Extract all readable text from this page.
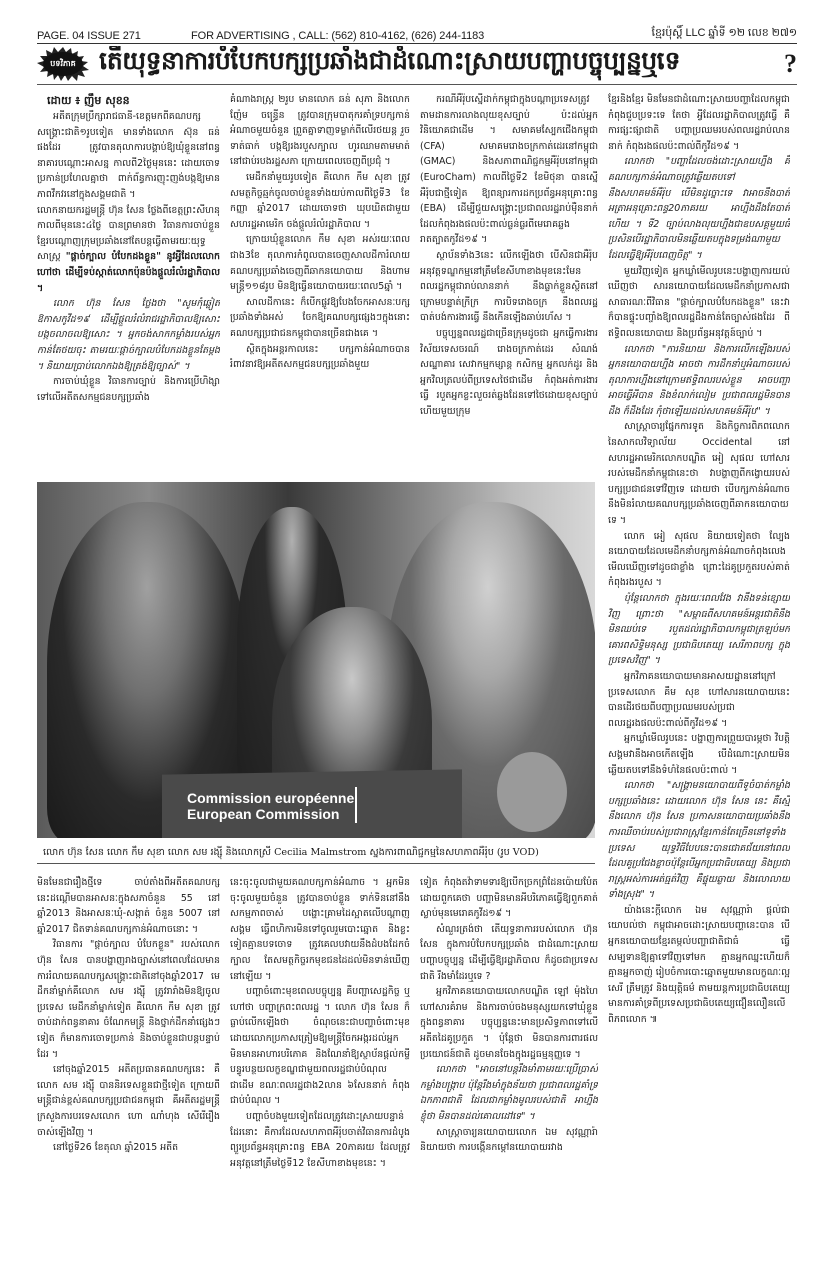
PAGE. 04 ISSUE 271	FOR ADVERTISING , CALL: (562) 810-4162, (626) 244-1183	ខ្មែរប៉ុស្តិ៍ LLC ឆ្នាំទី ១២ លេខ ២៧១
បទវិភាគ តើយុទ្ធនាការបំបែកបក្សប្រឆាំងជាដំណោះស្រាយបញ្ហាបច្ចុប្បន្នឬទេ	?
ដោយ ៖ ញឹម សុខន

អតីតក្រុមប្រឹក្សារាជធានី-ខេត្តមកពីគណបក្សសង្គ្រោះជាតិ១រូបទៀត មានទាំងលោក ស៊ុន ធន់ ផងដែរ ត្រូវបានតុលាការបង្គាប់ឱ្យឃុំខ្លួននៅពន្ធនាគារបណ្តោះអាសន្ន កាលពី2ថ្ងៃមុននេះ ដោយចោទប្រកាន់ប្រហែលគ្នាថា ពាក់ព័ន្ធការញុះញង់បង្កឱ្យមានភាពវឹកវរនៅក្នុងសង្គមជាតិ ។

លោកនាយករដ្ឋមន្ត្រី ហ៊ុន សែន ថ្លែងពីខេត្តព្រះសីហនុ កាលពីមុននេះ៤ថ្ងៃ បានព្រមានថា វិធានការចាប់ខ្លួនខ្មែរបណ្តោញក្រុមប្រឆាំងនៅតែបន្តធ្វើតាមរយៈយុទ្ធសាស្ត្រ "ផ្តាច់ក្បាល បំបែកដងខ្លួន" នូវអ្វីដែលលោកហៅថា ដើម្បីទប់ស្កាត់លោកប៉ុនប៉ងផ្តួលរំលំរដ្ឋាភិបាល ។

លោក ហ៊ុន សែន ថ្លែងថា "សូមកុំឆ្លៀតឱកាសកូវីដ១៩ ដើម្បីផ្តួលរំលំរាជរដ្ឋាភិបាលឱ្យសោះ បង្កចលាចលឱ្យសោះ ។ អ្នកចង់សាកកម្លាំងរបស់អ្នកកាន់តែថយចុះ តាមរយៈផ្តាច់ក្បាលបំបែកដងខ្លួនតែម្តង ។ និយាយប្រាប់លោកឯងឱ្យត្រង់ឱ្យច្បាស់" ។

ការចាប់ឃុំខ្លួន វិធានការច្បាប់ និងការប្រើហិង្សាទៅលើអតីតសកម្មជនបក្សប្រឆាំង

គំណាងរាស្ត្រ ២រូប មានលោក ឆន់ សុភា និងលោក ញ៉ែម ចន្រ្ទើន ត្រូវបានក្រុមបាតុករគាំទ្របក្សកាន់អំណាចមួយចំនួន ព្រួតគ្នាទាញទម្លាក់ពីលើរថយន្ត រួចទាត់ធាក់ បង្កឱ្យរងរបួសក្បាល ហូរឈាមតាមមាត់ នៅជាប់របងរដ្ឋសភា ក្រោយពេលចេញពីប្រជុំ ។

មេដឹកនាំមួយរូបទៀត គឺលោក កឹម សុខា ត្រូវសមត្ថកិច្ចឆ្មក់ចូលចាប់ខ្លួនទាំងយប់កាលពីថ្ងៃទី3 ខែកញ្ញា ឆ្នាំ2017 ដោយចោទថា ឃុបឃិតជាមួយសហរដ្ឋអាមេរិក ចង់ផ្តួលរំលំរដ្ឋាភិបាល ។

ក្រោយឃុំខ្លួនលោក កឹម សុខា អស់រយៈពេលជាង3ខែ តុលាការកំពូលបានចេញសាលដីការំលាយគណបក្សប្រឆាំងចេញពីឆាកនយោបាយ និងហាមមន្ត្រី១១៨រូប មិនឱ្យធ្វើនយោបាយរយៈពេល5ឆ្នាំ ។

សាលដីកានេះ ក៏បើកផ្លូវឱ្យបែងចែកអាសនៈបក្សប្រឆាំងទាំងអស់ ចែកឱ្យគណបក្សផ្សេងៗក្នុងនោះ គណបក្សប្រជាជនកម្ពុជាបានច្រើនជាងគេ ។

ស្ថិតក្នុងអន្តរកាលនេះ បក្សកាន់អំណាចបានរំពាវនាវឱ្យអតីតសកម្មជនបក្សប្រឆាំងមួយ

ករណីអឺរ៉ុបស្នើដាក់កម្ពុជាក្នុងបណ្តាប្រទេសត្រូវតាមដានការលាងលុយខុសច្បាប់ ប៉ះដល់អ្នកវិនិយោគជាដើម ។ សមាគមស្បែកជើងកម្ពុជា (CFA) សមាគមរោងចក្រកាត់ដេរនៅកម្ពុជា (GMAC) និងសភាពាណិជ្ជកម្មអឺរ៉ុបនៅកម្ពុជា (EuroCham) កាលពីថ្ងៃទី2 ខែមិថុនា បានស្នើអឺរ៉ុបជាថ្មីទៀត ឱ្យពន្យារការដកប្រព័ន្ធអនុគ្រោះពន្ធ (EBA) ដើម្បីជួយសង្គ្រោះប្រជាពលរដ្ឋរាប់ម៉ឺននាក់ ដែលកំពុងរងផលប៉ះពាល់ធ្ងន់ធ្ងរពីមេរោគឆ្លងរាតត្បាតកូវីដ១៩ ។

ស្ថាប័នទាំង3នេះ លើកឡើងថា បើសិនជាអឺរ៉ុបអនុវត្តទណ្ឌកម្មនៅត្រឹមខែសីហាខាងមុខនេះមែន ពលរដ្ឋកម្ពុជារាប់លាននាក់ នឹងធ្លាក់ខ្លួនស្ថិតនៅក្រោមបន្ទាត់ក្រីក្រ ការបិទរោងចក្រ នឹងពលរដ្ឋបាត់បង់ការងារធ្វើ នឹងកើនឡើងឆាប់រហ័ស ។

បច្ចុប្បន្នពលរដ្ឋជាច្រើនក្រុមដូចជា អ្នកធ្វើការងារវិស័យទេសចរណ៍ រោងចក្រកាត់ដេរ សំណង់ សណ្ឋាគារ សេវាកម្មកម្សាន្ត កសិកម្ម អ្នកលក់ដូរ និងអ្នកវិលត្រលប់ពីប្រទេសថៃជាដើម កំពុងអត់ការងារធ្វើ របួតអ្នកខ្លះលួចរត់ឆ្លងដែនទៅថៃដោយខុសច្បាប់ ហើយមួយក្រុម

ខ្មែរនិងខ្មែរ មិនមែនជាដំណោះស្រាយបញ្ហាដែលកម្ពុជាកំពុងជួបប្រទះទេ តែថា អ្វីដែលរដ្ឋាភិបាលត្រូវធ្វើ គឺការផ្សះផ្សាជាតិ បញ្ហាប្រឈមរបស់ពលរដ្ឋរាប់លាននាក់ កំពុងរងផលប៉ះពាល់ពីកូវីដ១៩ ។

លោកថា "បញ្ហាដែលចង់ដោះស្រាយហ្នឹង គឺគណបក្សកាន់អំណាចត្រូវឆ្លើយតបទៅនឹងសហគមន៍អឺរ៉ុប បើមិនដូច្នោះទេ វាអាចនឹងបាត់អត្រាអនុគ្រោះពន្ធ20ភាគរយ អាហ្នឹងដឹងតែបាត់ហើយ ។ ទី2 ច្បាប់លាងលុយហ្នឹងជាឧបសគ្គមួយធំ ប្រសិនបើរដ្ឋាភិបាលមិនឆ្លើយតបក្នុងទម្រង់ណាមួយដែលធ្វើឱ្យអឺរ៉ុបពេញចិត្ត" ។

មួយវិញទៀត អ្នកឃ្លាំមើលរូបនេះបង្ហាញការយល់ឃើញថា សារនយោបាយដែលមេដឹកនាំប្រកាសជាសាធារណៈពីវិធាន "ផ្តាច់ក្បាលបំបែកដងខ្លួន" នេះវាក៏បានផ្ទុះបញ្ចាំងឱ្យពលរដ្ឋដឹងកាន់តែច្បាស់ផងដែរ ពីឥទ្ធិពលនយោបាយ និងប្រព័ន្ធអនុវត្តន៍ច្បាប់ ។

លោកថា "ការនិយាយ និងការលើកឡើងរបស់អ្នកនយោបាយហ្នឹង អាចថា ការដឹកនាំឬអំណាចរបស់តុលាការហ្នឹងនៅក្រោមឥទ្ធិពលរបស់ខ្លួន អាចបញ្ជា អាចធ្វើអីបាន និងខំលាក់លៀម ប្រជាពលរដ្ឋមិនបានដឹង ក៏ដឹងដែរ កុំថាឡើយដល់សហគមន៍អឺរ៉ុប" ។

សាស្ត្រាចារ្យផ្នែកការទូត និងកិច្ចការពិភពលោកនៃសាកលវិទ្យាល័យ Occidental នៅសហរដ្ឋអាមេរិកលោកបណ្ឌិត អៀ សុផល ហៅសាររបស់មេដឹកនាំកម្ពុជានេះថា វាបង្ហាញពីកង្វោយរបស់បក្សប្រជាជនទៅវិញទេ ដោយថា បើបក្សកាន់អំណាចនឹងមិនរំលាយគណបក្សប្រឆាំងចេញពីឆាកនយោបាយទេ ។

លោក អៀ សុផល និយាយទៀតថា ល្បែងនយោបាយដែលមេដឹកនាំបក្សកាន់អំណាចកំពុងលេង មើលឃើញទៅដូចជាខ្លាំង ព្រោះដៃគូប្រកួតរបស់គាត់កំពុងរងរបួស ។

ប៉ុន្តែលោកថា ក្នុងរយៈពេលវែង វានឹងទន់ខ្សោយវិញ ព្រោះថា "សម្ពាធពីសហគមន៍អន្តរជាតិនឹងមិនឈប់ទេ របួតដល់រដ្ឋាភិបាលកម្ពុជាត្រឡប់មកគោរពសិទ្ធិមនុស្ស ប្រជាធិបតេយ្យ សេរីភាពបក្ស ក្នុងប្រទេសវិញ" ។

អ្នកវិភាគនយោបាយមានអាសយដ្ឋាននៅក្រៅប្រទេសលោក គឹម សុខ ហៅសារនយោបាយនេះ បានដើរថយពីបញ្ហាប្រឈមរបស់ប្រជាពលរដ្ឋរងផលប៉ះពាល់ពីកូវីដ១៩ ។

អ្នកឃ្លាំមើលរូបនេះ បង្ហាញការព្រួយបារម្ភថា វិបត្តិសង្គមវានឹងអាចកើតឡើង បើដំណោះស្រាយមិនឆ្លើយតបទៅនឹងទំហំនៃផលប៉ះពាល់ ។

លោកថា "សង្គ្រាមនយោបាយពីទូចំបាត់កម្លាំងបក្សប្រឆាំងនេះ ដោយលោក ហ៊ុន សែន នេះ គឺស្មើនឹងលោក ហ៊ុន សែន ប្រកាសនយោបាយប្រឆាំងនឹងការឈឺចាប់របស់ប្រជារាស្ត្រខ្មែរកាន់តែច្រើននៅទូទាំងប្រទេស យុទ្ធវិធីបែបនេះបានជោគជ័យនៅពេលដែលគូប្រជែងខ្លាចប៉ុន្តែបើអ្នកប្រជាធិបតេយ្យ និងប្រជារាស្ត្រអស់ការអត់ធ្មត់វិញ គឺផ្ទុយឆ្ងាយ និងលោលាយទាំងស្រុង" ។

យ៉ាងនេះក្តីលោក ឯម សុវណ្ណារ៉ា ផ្តល់ជាយោបល់ថា កម្ពុជាអាចដោះស្រាយបញ្ហានេះបាន បើអ្នកនយោបាយខ្មែរតម្កល់បញ្ហាជាតិជាធំ ធ្វើសម្បទានឱ្យគ្នាទៅវិញទៅមក គ្មានអ្នកឈ្នះហើយក៏គ្មានអ្នកចាញ់ រៀបចំការបោះឆ្នោតមួយមានលក្ខណៈល្អសេរី ត្រឹមត្រូវ និងយុត្តិធម៌ តាមយន្តការប្រជាធិបតេយ្យ មានការគាំទ្រពីប្រទេសប្រជាធិបតេយ្យជឿនលឿនលើពិភពលោក ៕

Commission européenne
European Commission
លោក ហ៊ុន សែន លោក កឹម សុខា លោក សម រង្ស៊ី និងលោកស្រី Cecilia Malmstrom ស្នងការពាណិជ្ជកម្មនៃសហភាពអឺរ៉ុប (រូប VOD)

មិនមែនជារឿងថ្មីទេ ចាប់តាំងពីអតីតគណបក្សនេះដណ្តើមបានអាសនៈក្នុងសភាចំនួន 55 នៅឆ្នាំ2013 និងអាសនៈឃុំ-សង្កាត់ ចំនួន 5007 នៅឆ្នាំ2017 ជិតទាន់គណបក្សកាន់អំណាចនោះ ។

វិធានការ "ផ្តាច់ក្បាល បំបែកខ្លួន" របស់លោក ហ៊ុន សែន បានបង្ហាញរាងច្បាស់នៅពេលដែលមានការរំលាយគណបក្សសង្គ្រោះជាតិនៅចុងឆ្នាំ2017 មេដឹកនាំម្នាក់គឺលោក សម រង្ស៊ី ត្រូវរារាំងមិនឱ្យចូលប្រទេស មេដឹកនាំម្នាក់ទៀត គឺលោក កឹម សុខា ត្រូវចាប់ដាក់ពន្ធនាគារ ចំណែកមន្ត្រី និងថ្នាក់ដឹកនាំផ្សេងៗទៀត ក៏មានការចោទប្រកាន់ និងចាប់ខ្លួនជាបន្តបន្ទាប់ដែរ ។

នៅចុងឆ្នាំ2015 អតីតប្រធានគណបក្សនេះ គឺលោក សម រង្ស៊ី បាននិរទេសខ្លួនជាថ្មីទៀត ក្រោយពីមន្ត្រីជាន់ខ្ពស់គណបក្សប្រជាជនកម្ពុជា គឺអតីតរដ្ឋមន្ត្រីក្រសួងការបរទេសលោក ហោ ណាំហុង សើរើរឿងចាស់ឡើងវិញ ។

នៅថ្ងៃទី26 ខែតុលា ឆ្នាំ2015 អតីត

នេះចុះចូលជាមួយគណបក្សកាន់អំណាច ។ អ្នកមិនចុះចូលមួយចំនួន ត្រូវបានចាប់ខ្លួន ទាក់ទិននៅនឹងសកម្មភាពចាស់ បង្ហោះគ្រាមដៃស្អាតលើបណ្តាញសង្គម ធ្វើពហិការមិនទៅចូលរួមបោះឆ្នោត និងខ្លះទៀតគ្មានបទចោទ ត្រូវគេលបវាយនឹងដំបងដែកចំក្បាល តែសមត្ថកិច្ចរកមុខជនដៃដល់មិនទាន់ឃើញនៅឡើយ ។

បញ្ហាចំពោះមុខពេលបច្ចុប្បន្ន គឺបញ្ហាសេដ្ឋកិច្ច ឬហៅថា បញ្ហាក្រពះពលរដ្ឋ ។ លោក ហ៊ុន សែន ក៏ធ្លាប់លើកឡើងថា ចំណុចនេះជាបញ្ហាចំពោះមុខ ដោយលោកប្រកាសត្រៀមឱ្យមន្ត្រីចែកអង្ករដល់អ្នកមិនមានអាហារបរិភោគ និងណែនាំឱ្យស្ថាប័នផ្តល់កម្ចីបន្ធូរបន្ថយលក្ខខណ្ឌជាមួយពលរដ្ឋជាប់បំណុលជាដើម ខណៈពលរដ្ឋជាង2លាន ៦សែននាក់ កំពុងជាប់បំណុល ។

បញ្ហាចំបងមួយទៀតដែលត្រូវដោះស្រាយបន្ទាន់ដែរនោះ គឺការដែលសហភាពអឺរ៉ុបចាត់វិធានការដំបូងព្យួរប្រព័ន្ធអនុគ្រោះពន្ធ EBA 20ភាគរយ ដែលត្រូវអនុវត្តនៅត្រឹមថ្ងៃទី12 ខែសីហាខាងមុខនេះ ។

ទៀត កំពុងតវ៉ាទាមទារឱ្យបើកច្រកព្រំដែនប៉ោយប៉ែត ដោយពួកគេថា បញ្ហាមិនមានអីបរិភោគធ្វើឱ្យពួកគាត់ស្លាប់មុនមេរោគកូវីដ១៩ ។

សំណួរត្រង់ថា តើយុទ្ធនាការរបស់លោក ហ៊ុន សែន ក្នុងការបំបែកបក្សប្រឆាំង ជាដំណោះស្រាយបញ្ហាបច្ចុប្បន្ន ដើម្បីធ្វើឱ្យរដ្ឋាភិបាល ក៏ដូចជាប្រទេសជាតិ រឹងមាំដែរឬទេ ?

អ្នកវិភាគនយោបាយលោកបណ្ឌិត ឡៅ ម៉ុងហៃ ហៅសារគំរាម និងការចាប់ចងមនុស្សយកទៅឃុំខ្លួនក្នុងពន្ធនាគារ បច្ចុប្បន្ននេះមានប្រសិទ្ធភាពទៅលើអតីតដៃគូប្រកួត ។ ប៉ុន្តែថា មិនបានការពារផលប្រយោជន៍ជាតិ ដូចមានចែងក្នុងរដ្ឋធម្មនុញ្ញទេ ។

លោកថា "អាចនៅបន្តរឹងមាំតាមរយៈប្រើប្រាស់កម្លាំងបង្ក្រាប ប៉ុន្តែរឹងមាំក្នុងន័យថា ប្រជាពលរដ្ឋគាំទ្រ ឯកភាពជាតិ ដែលជាកម្លាំងមូលរបស់ជាតិ អាហ្នឹងខ្ញុំថា មិនបានដល់គោលដៅទេ" ។

សាស្ត្រាចារ្យនយោបាយលោក ឯម សុវណ្ណារ៉ា និយាយថា ការបង្កើនកម្តៅនយោបាយរវាង
